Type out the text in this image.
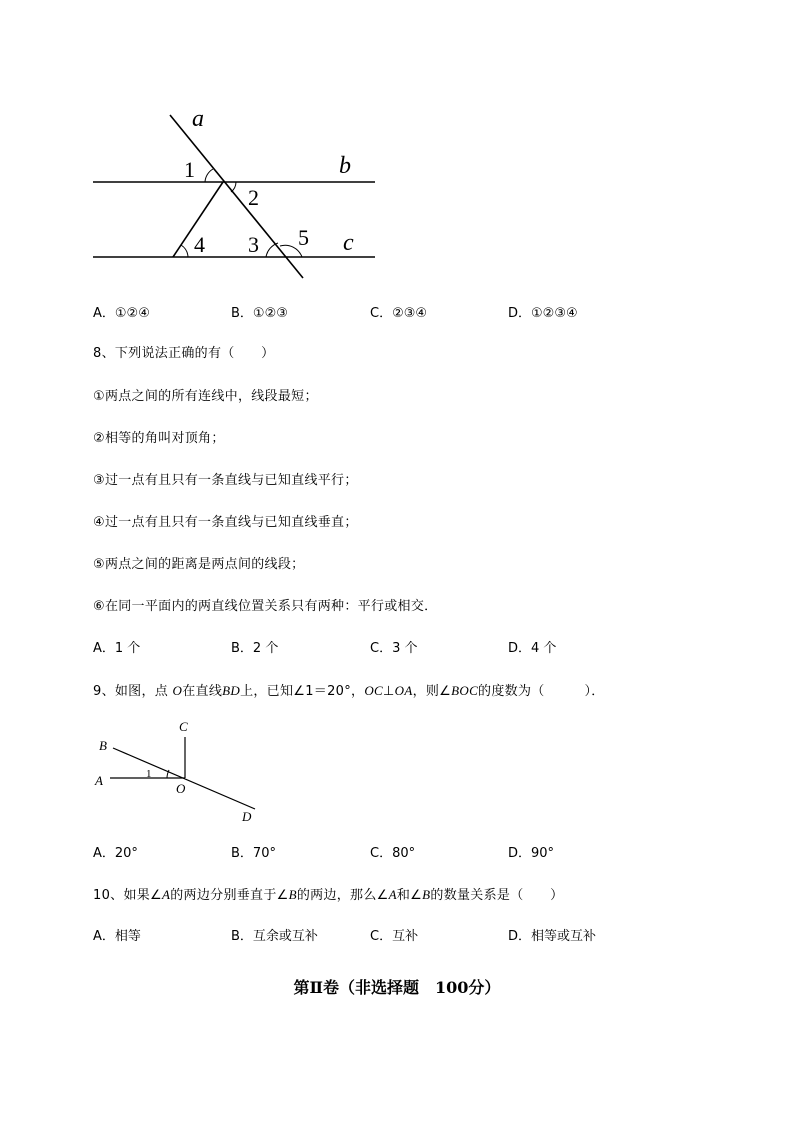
a
b
c
1
2
3
4	5
A．①②④	B．①②③	C．②③④	D．①②③④
8、下列说法正确的有（　　）
①两点之间的所有连线中，线段最短；
②相等的角叫对顶角；
③过一点有且只有一条直线与已知直线平行；
④过一点有且只有一条直线与已知直线垂直；
⑤两点之间的距离是两点间的线段；
⑥在同一平面内的两直线位置关系只有两种：平行或相交．
A．1 个	B．2 个	C．3 个	D．4 个
9、如图，点 O在直线BD上，已知∠1＝20°，OC⊥OA，则∠BOC的度数为（　　　）．
B
A
C
O
D
1
A．20°	B．70°	C．80°	D．90°
10、如果∠A的两边分别垂直于∠B的两边，那么∠A和∠B的数量关系是（　　）
A．相等	B．互余或互补	C．互补	D．相等或互补
第Ⅱ卷（非选择题　100分）
